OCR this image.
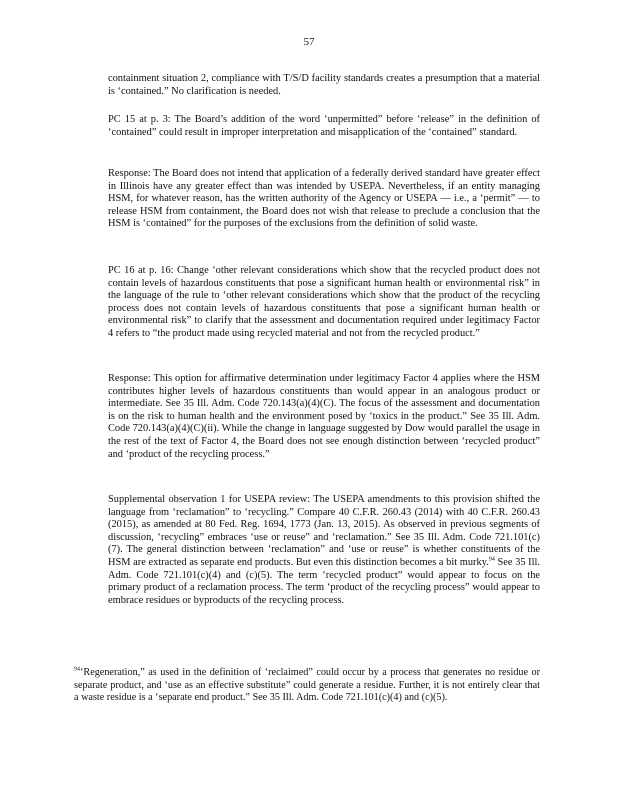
57

containment situation 2, compliance with T/S/D facility standards creates a presumption that a material is ‘contained.” No clarification is needed.

PC 15 at p. 3: The Board’s addition of the word ‘unpermitted” before ‘release” in the definition of ‘contained” could result in improper interpretation and misapplication of the ‘contained” standard.

Response: The Board does not intend that application of a federally derived standard have greater effect in Illinois have any greater effect than was intended by USEPA. Nevertheless, if an entity managing HSM, for whatever reason, has the written authority of the Agency or USEPA — i.e., a ‘permit” — to release HSM from containment, the Board does not wish that release to preclude a conclusion that the HSM is ‘contained” for the purposes of the exclusions from the definition of solid waste.

PC 16 at p. 16: Change ‘other relevant considerations which show that the recycled product does not contain levels of hazardous constituents that pose a significant human health or environmental risk” in the language of the rule to ‘other relevant considerations which show that the product of the recycling process does not contain levels of hazardous constituents that pose a significant human health or environmental risk” to clarify that the assessment and documentation required under legitimacy Factor 4 refers to “the product made using recycled material and not from the recycled product.”

Response: This option for affirmative determination under legitimacy Factor 4 applies where the HSM contributes higher levels of hazardous constituents than would appear in an analogous product or intermediate. See 35 Ill. Adm. Code 720.143(a)(4)(C). The focus of the assessment and documentation is on the risk to human health and the environment posed by ‘toxics in the product.” See 35 Ill. Adm. Code 720.143(a)(4)(C)(ii). While the change in language suggested by Dow would parallel the usage in the rest of the text of Factor 4, the Board does not see enough distinction between ‘recycled product” and ‘product of the recycling process.”

Supplemental observation 1 for USEPA review: The USEPA amendments to this provision shifted the language from ‘reclamation” to ‘recycling.” Compare 40 C.F.R. 260.43 (2014) with 40 C.F.R. 260.43 (2015), as amended at 80 Fed. Reg. 1694, 1773 (Jan. 13, 2015). As observed in previous segments of discussion, ‘recycling” embraces ‘use or reuse” and ‘reclamation.” See 35 Ill. Adm. Code 721.101(c)(7). The general distinction between ‘reclamation” and ‘use or reuse” is whether constituents of the HSM are extracted as separate end products. But even this distinction becomes a bit murky.$^{94}$ See 35 Ill. Adm. Code 721.101(c)(4) and (c)(5). The term ‘recycled product” would appear to focus on the primary product of a reclamation process. The term ‘product of the recycling process” would appear to embrace residues or byproducts of the recycling process.

$^{94}$‘Regeneration,” as used in the definition of ‘reclaimed” could occur by a process that generates no residue or separate product, and ‘use as an effective substitute” could generate a residue. Further, it is not entirely clear that a waste residue is a ‘separate end product.” See 35 Ill. Adm. Code 721.101(c)(4) and (c)(5).
